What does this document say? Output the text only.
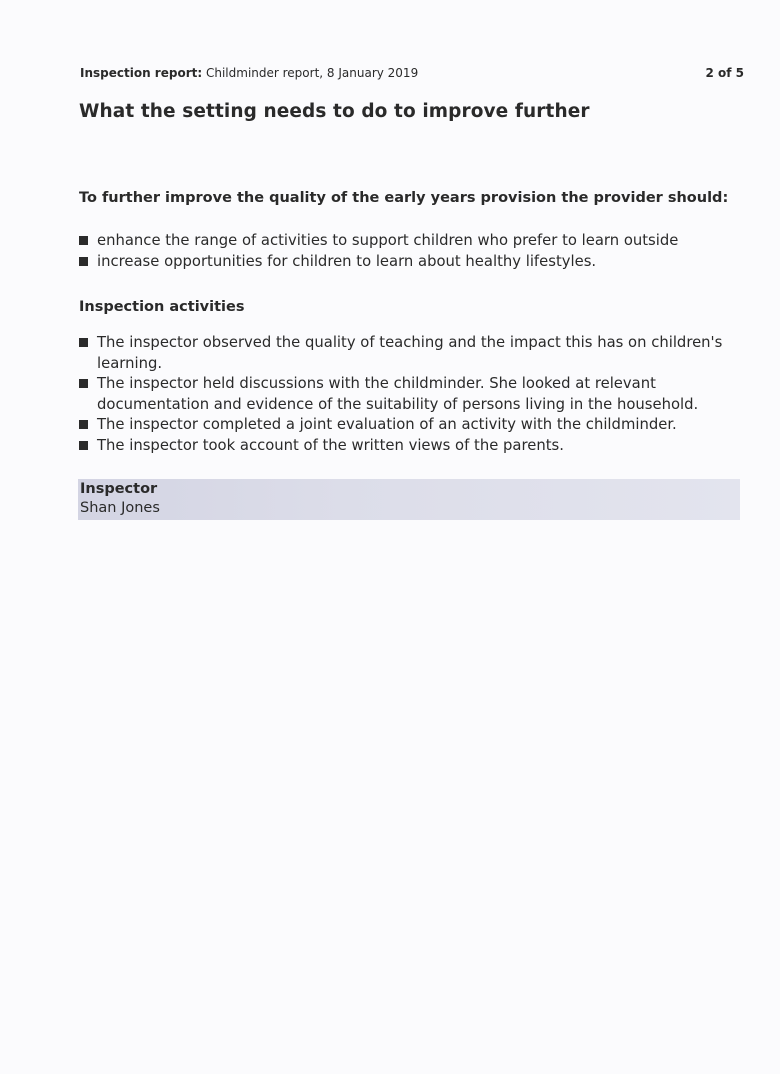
Inspection report: Childminder report, 8 January 2019	2 of 5
What the setting needs to do to improve further
To further improve the quality of the early years provision the provider should:
enhance the range of activities to support children who prefer to learn outside
increase opportunities for children to learn about healthy lifestyles.
Inspection activities
The inspector observed the quality of teaching and the impact this has on children's learning.
The inspector held discussions with the childminder. She looked at relevant documentation and evidence of the suitability of persons living in the household.
The inspector completed a joint evaluation of an activity with the childminder.
The inspector took account of the written views of the parents.
Inspector
Shan Jones
